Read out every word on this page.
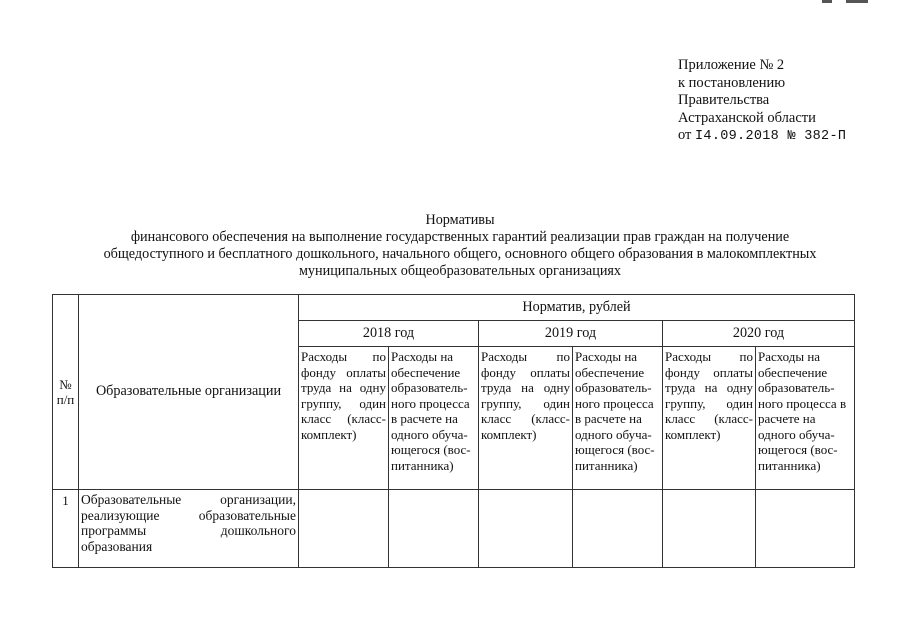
Приложение № 2
к постановлению
Правительства
Астраханской области
от I4.09.2018 № 382-П
Нормативы
финансового обеспечения на выполнение государственных гарантий реализации прав граждан на получение
общедоступного и бесплатного дошкольного, начального общего, основного общего образования в малокомплектных
муниципальных общеобразовательных организациях
№ п/п	Образовательные организации	Норматив, рублей					
		2018 год		2019 год		2020 год	
		Расходы по фонду оплаты труда на одну группу, один класс (класс-комплект)	Расходы на обеспечение образователь-ного процесса в расчете на одного обуча-ющегося (вос-питанника)	Расходы по фонду оплаты труда на одну группу, один класс (класс-комплект)	Расходы на обеспечение образователь-ного процесса в расчете на одного обуча-ющегося (вос-питанника)	Расходы по фонду оплаты труда на одну группу, один класс (класс-комплект)	Расходы на обеспечение образователь-ного процесса в расчете на одного обуча-ющегося (вос-питанника)
1	Образовательные организации, реализующие образовательные программы дошкольного образования						
